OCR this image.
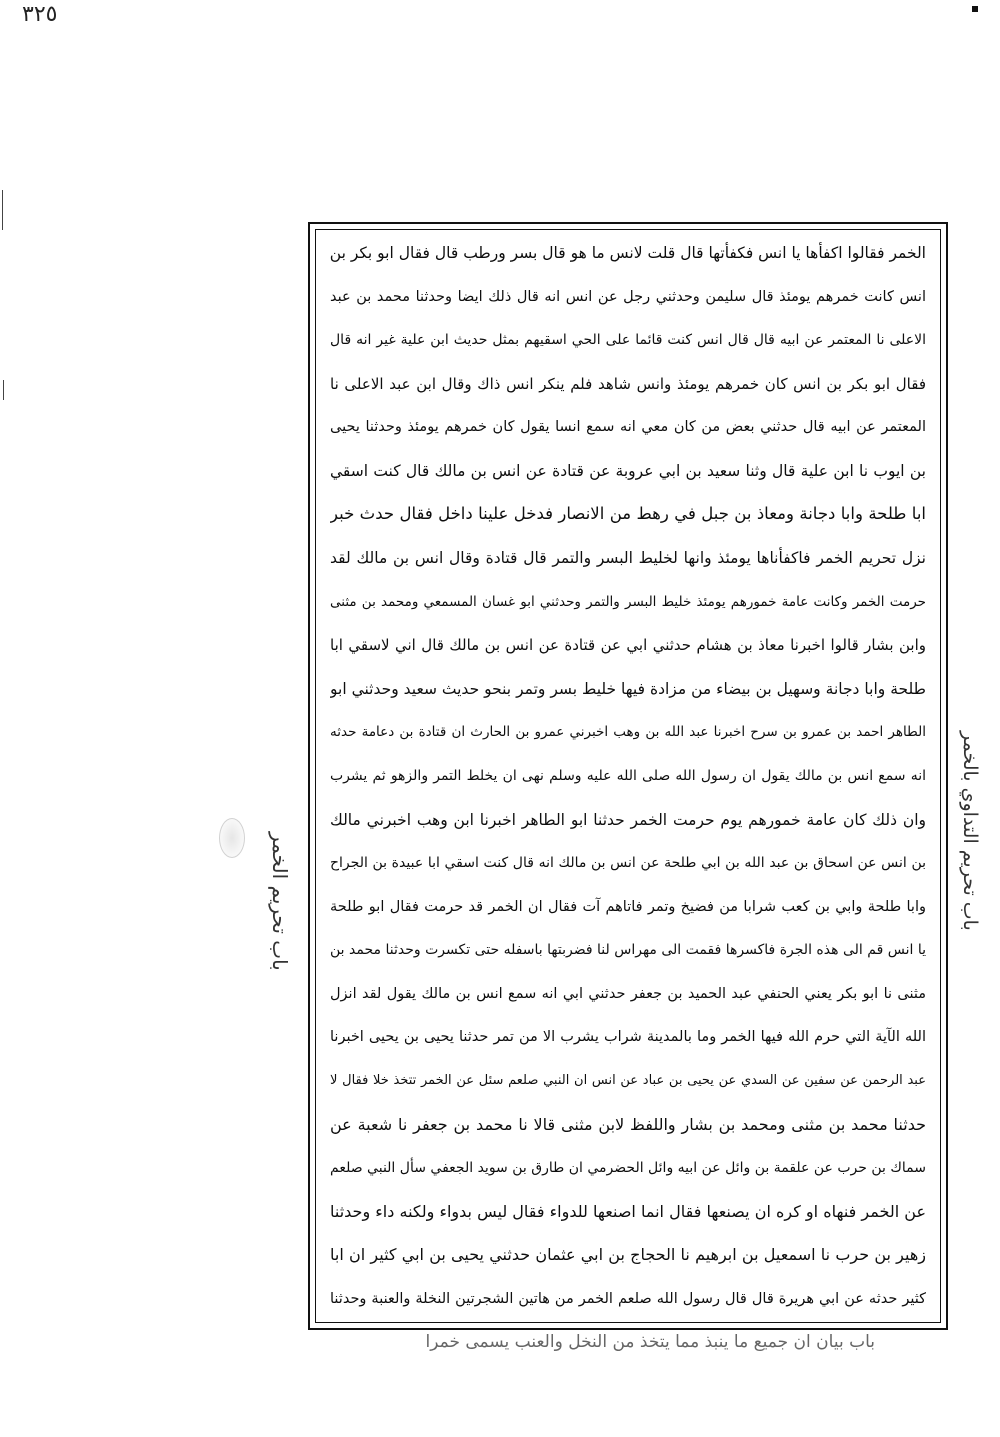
٣٢٥
باب تحريم الخمر
الخمر فقالوا اكفأها يا انس فكفأتها قال قلت لانس ما هو قال بسر ورطب قال فقال ابو بكر بن
انس كانت خمرهم يومئذ قال سليمن وحدثني رجل عن انس انه قال ذلك ايضا وحدثنا محمد بن عبد
الاعلى نا المعتمر عن ابيه قال قال انس كنت قائما على الحي اسقيهم بمثل حديث ابن علية غير انه قال
فقال ابو بكر بن انس كان خمرهم يومئذ وانس شاهد فلم ينكر انس ذاك وقال ابن عبد الاعلى نا
المعتمر عن ابيه قال حدثني بعض من كان معي انه سمع انسا يقول كان خمرهم يومئذ وحدثنا يحيى
بن ايوب نا ابن علية قال وثنا سعيد بن ابي عروبة عن قتادة عن انس بن مالك قال كنت اسقي
ابا طلحة وابا دجانة ومعاذ بن جبل في رهط من الانصار فدخل علينا داخل فقال حدث خبر
نزل تحريم الخمر فاكفأناها يومئذ وانها لخليط البسر والتمر قال قتادة وقال انس بن مالك لقد
حرمت الخمر وكانت عامة خمورهم يومئذ خليط البسر والتمر وحدثني ابو غسان المسمعي ومحمد بن مثنى
وابن بشار قالوا اخبرنا معاذ بن هشام حدثني ابي عن قتادة عن انس بن مالك قال اني لاسقي ابا
طلحة وابا دجانة وسهيل بن بيضاء من مزادة فيها خليط بسر وتمر بنحو حديث سعيد وحدثني ابو
الطاهر احمد بن عمرو بن سرح اخبرنا عبد الله بن وهب اخبرني عمرو بن الحارث ان قتادة بن دعامة حدثه
انه سمع انس بن مالك يقول ان رسول الله صلى الله عليه وسلم نهى ان يخلط التمر والزهو ثم يشرب
وان ذلك كان عامة خمورهم يوم حرمت الخمر حدثنا ابو الطاهر اخبرنا ابن وهب اخبرني مالك
بن انس عن اسحاق بن عبد الله بن ابي طلحة عن انس بن مالك انه قال كنت اسقي ابا عبيدة بن الجراح
وابا طلحة وابي بن كعب شرابا من فضيخ وتمر فاتاهم آت فقال ان الخمر قد حرمت فقال ابو طلحة
يا انس قم الى هذه الجرة فاكسرها فقمت الى مهراس لنا فضربتها باسفله حتى تكسرت وحدثنا محمد بن
مثنى نا ابو بكر يعني الحنفي عبد الحميد بن جعفر حدثني ابي انه سمع انس بن مالك يقول لقد انزل
الله الآية التي حرم الله فيها الخمر وما بالمدينة شراب يشرب الا من تمر حدثنا يحيى بن يحيى اخبرنا
عبد الرحمن عن سفين عن السدي عن يحيى بن عباد عن انس ان النبي صلعم سئل عن الخمر تتخذ خلا فقال لا
حدثنا محمد بن مثنى ومحمد بن بشار واللفظ لابن مثنى قالا نا محمد بن جعفر نا شعبة عن
سماك بن حرب عن علقمة بن وائل عن ابيه وائل الحضرمي ان طارق بن سويد الجعفي سأل النبي صلعم
عن الخمر فنهاه او كره ان يصنعها فقال انما اصنعها للدواء فقال ليس بدواء ولكنه داء وحدثنا
زهير بن حرب نا اسمعيل بن ابرهيم نا الحجاج بن ابي عثمان حدثني يحيى بن ابي كثير ان ابا
كثير حدثه عن ابي هريرة قال قال رسول الله صلعم الخمر من هاتين الشجرتين النخلة والعنبة وحدثنا
باب تحريم التداوي بالخمر
باب بيان ان جميع ما ينبذ مما يتخذ من النخل والعنب يسمى خمرا
